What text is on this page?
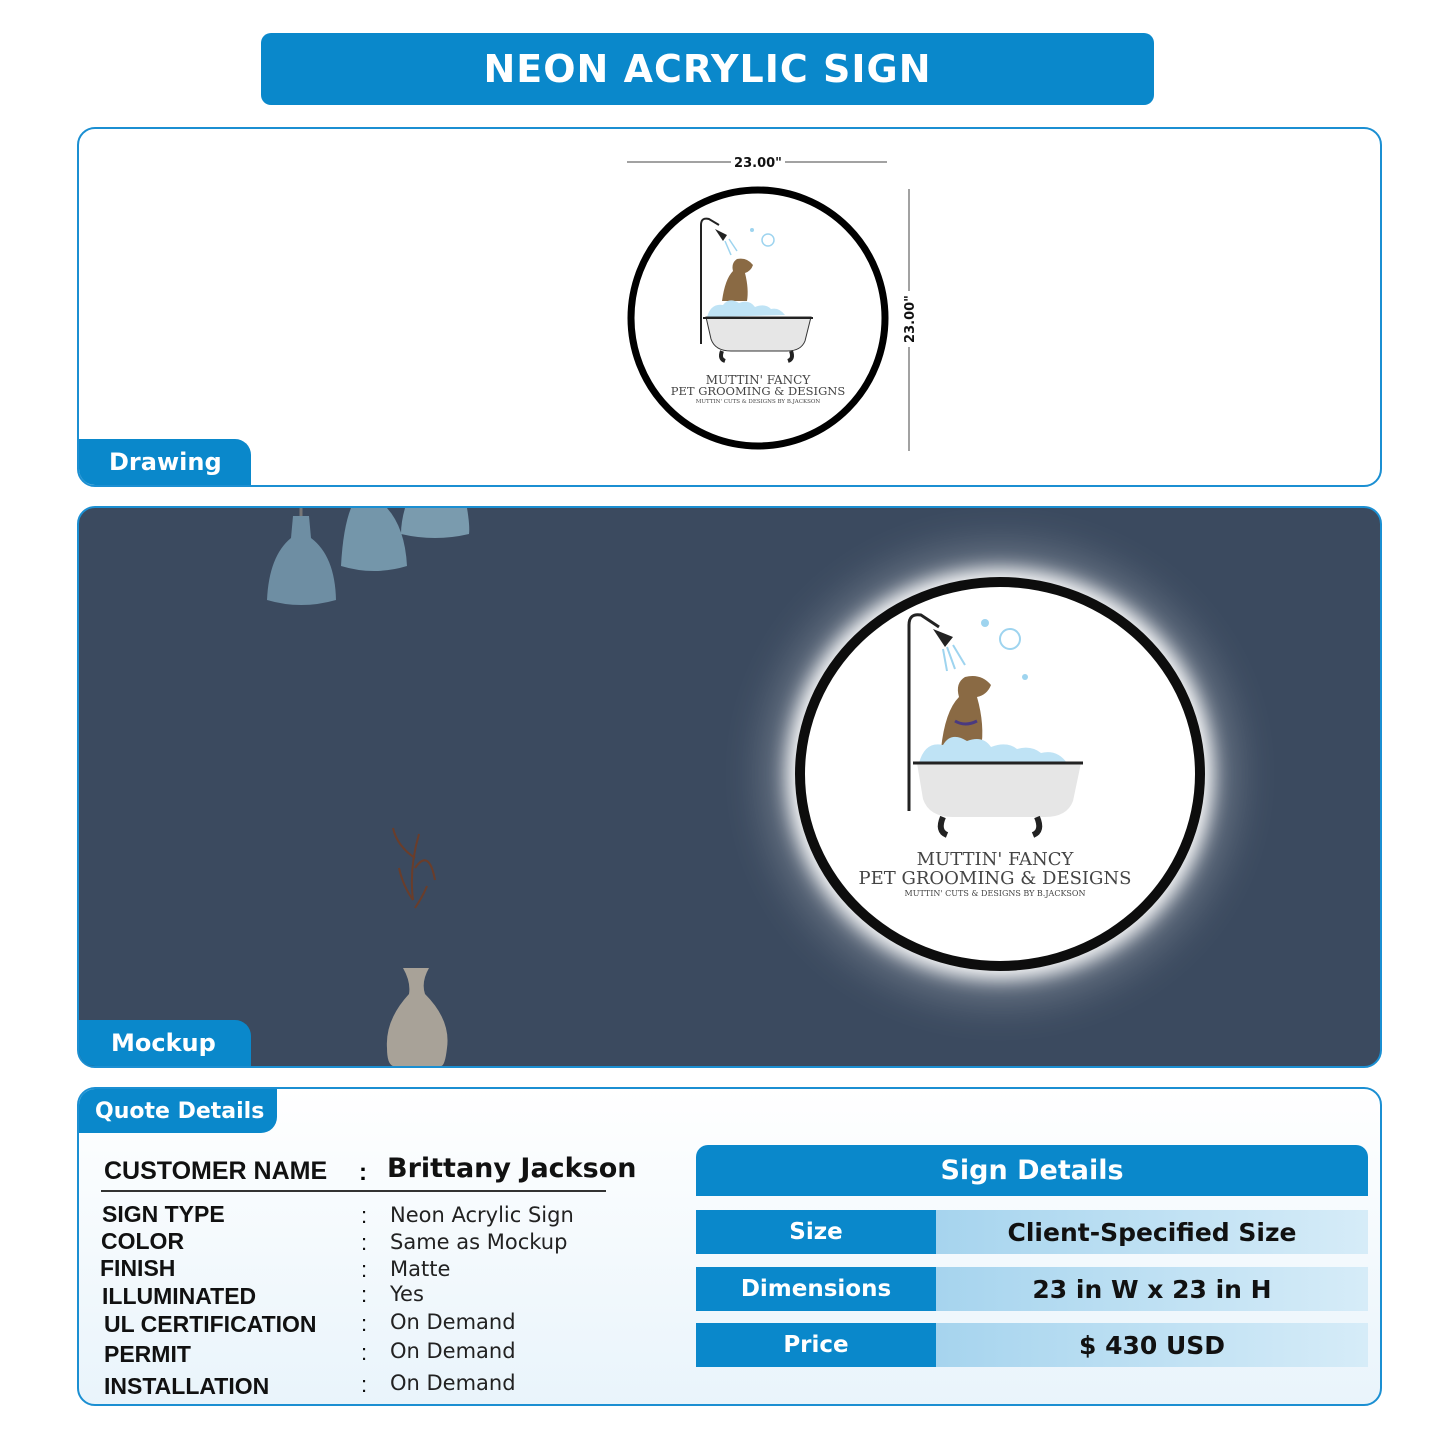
NEON ACRYLIC SIGN
23.00"
23.00"
MUTTIN' FANCY
PET GROOMING & DESIGNS
MUTTIN' CUTS & DESIGNS BY B.JACKSON
Drawing
MUTTIN' FANCY
PET GROOMING & DESIGNS
MUTTIN' CUTS & DESIGNS BY B.JACKSON
Mockup
Quote Details
CUSTOMER NAME : Brittany Jackson
SIGN TYPE	: Neon Acrylic Sign
COLOR	: Same as Mockup
FINISH	: Matte
ILLUMINATED	: Yes
UL CERTIFICATION : On Demand
PERMIT	: On Demand
INSTALLATION	: On Demand
Sign Details
Size	Client-Specified Size
Dimensions	23 in W x 23 in H
Price	$ 430 USD
